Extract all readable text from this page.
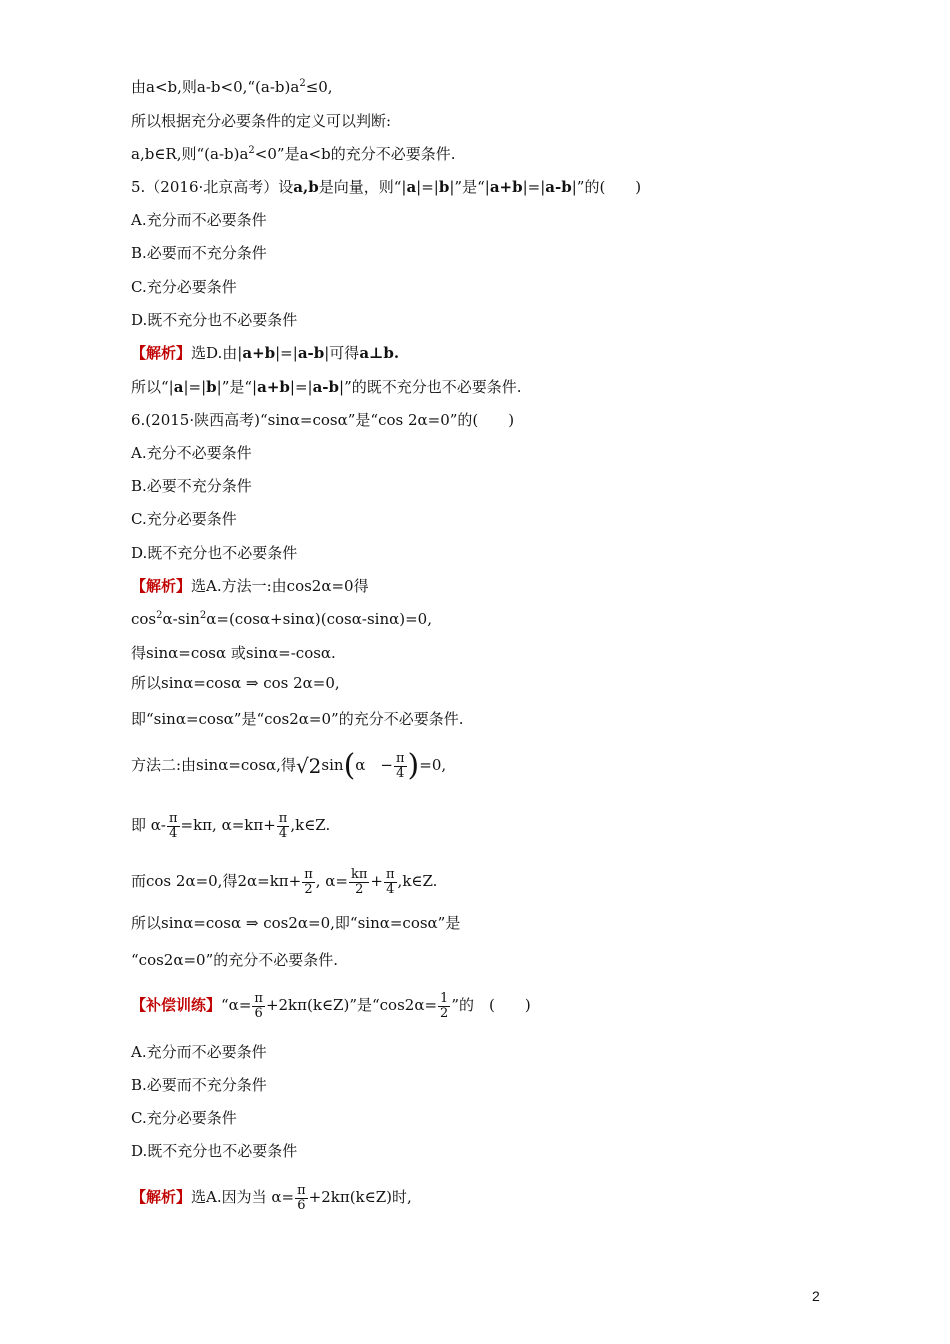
由a<b,则$a-b<0,“(a-b)a^2\le 0$,
所以根据充分必要条件的定义可以判断:
a,b∈R,则“$(a-b)a^2<0$”是a<b的充分不必要条件.
5.（2016·北京高考）设a,b是向量，则“|a|=|b|”是“|a+b|=|a-b|”的(　　)
A.充分而不必要条件
B.必要而不充分条件
C.充分必要条件
D.既不充分也不必要条件
【解析】选D.由|a+b|=|a-b|可得a⊥b.
所以“|a|=|b|”是“|a+b|=|a-b|”的既不充分也不必要条件.
6.(2015·陕西高考)“sinα=cosα”是“cos 2α=0”的(　　)
A.充分不必要条件
B.必要不充分条件
C.充分必要条件
D.既不充分也不必要条件
【解析】选A.方法一:由cos2α=0得
$\cos^2\alpha-\sin^2\alpha=(\cos\alpha+\sin\alpha)(\cos\alpha-\sin\alpha)=0$,
得sinα=cosα 或sinα=-cosα.
所以sinα=cosα ⇒ cos 2α=0,
即“sinα=cosα”是“cos2α=0”的充分不必要条件.
方法二:由sinα=cosα,得√2sin(α　− $\frac{\pi}{4} )=0$,
即 $\alpha- \frac{\pi}{4} =k\pi$, $\alpha=k\pi+ \frac{\pi}{4}$ ,k∈Z.
而cos 2α=0,得$2\alpha=k\pi+ \frac{\pi}{2}$ , $\alpha= \frac{k\pi}{2} + \frac{\pi}{4}$ ,k∈Z.
所以sinα=cosα ⇒ cos2α=0,即“sinα=cosα”是
“cos2α=0”的充分不必要条件.
【补偿训练】“$\alpha= \frac{\pi}{6}$ +2kπ(k∈Z)”是“$\cos 2\alpha= \frac{1}{2}$ ”的　(　　)
A.充分而不必要条件
B.必要而不充分条件
C.充分必要条件
D.既不充分也不必要条件
【解析】选A.因为当 $\alpha= \frac{\pi}{6}$ +2kπ(k∈Z)时,
2
